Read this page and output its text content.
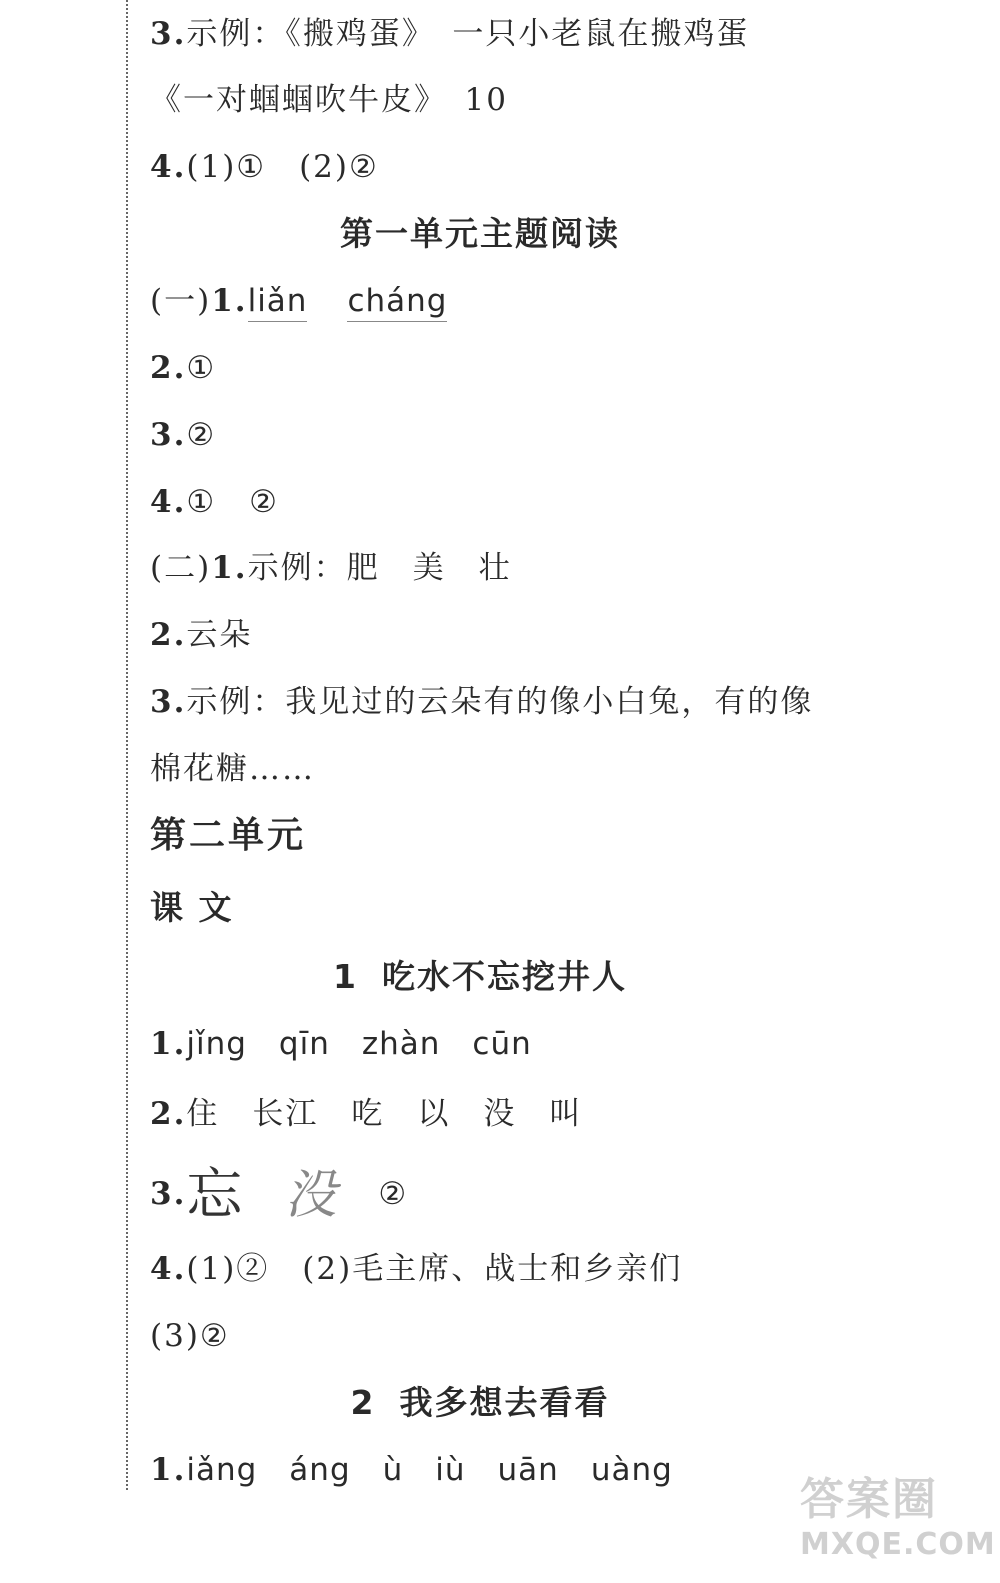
3.示例：《搬鸡蛋》　一只小老鼠在搬鸡蛋
《一对蝈蝈吹牛皮》　10
4.(1)①　(2)②
第一单元主题阅读
(一)1.liǎn cháng
2.①
3.②
4.①　②
(二)1.示例：肥　美　壮
2.云朵
3.示例：我见过的云朵有的像小白兔，有的像
棉花糖……
第二单元
课 文
1 吃水不忘挖井人
1.jǐng　qīn　zhàn　cūn
2.住　长江　吃　以　没　叫
3.忘 没 ②
4.(1)②　(2)毛主席、战士和乡亲们
(3)②
2 我多想去看看
1.iǎng　áng　ù　iù　uān　uàng
答案圈
MXQE.COM
